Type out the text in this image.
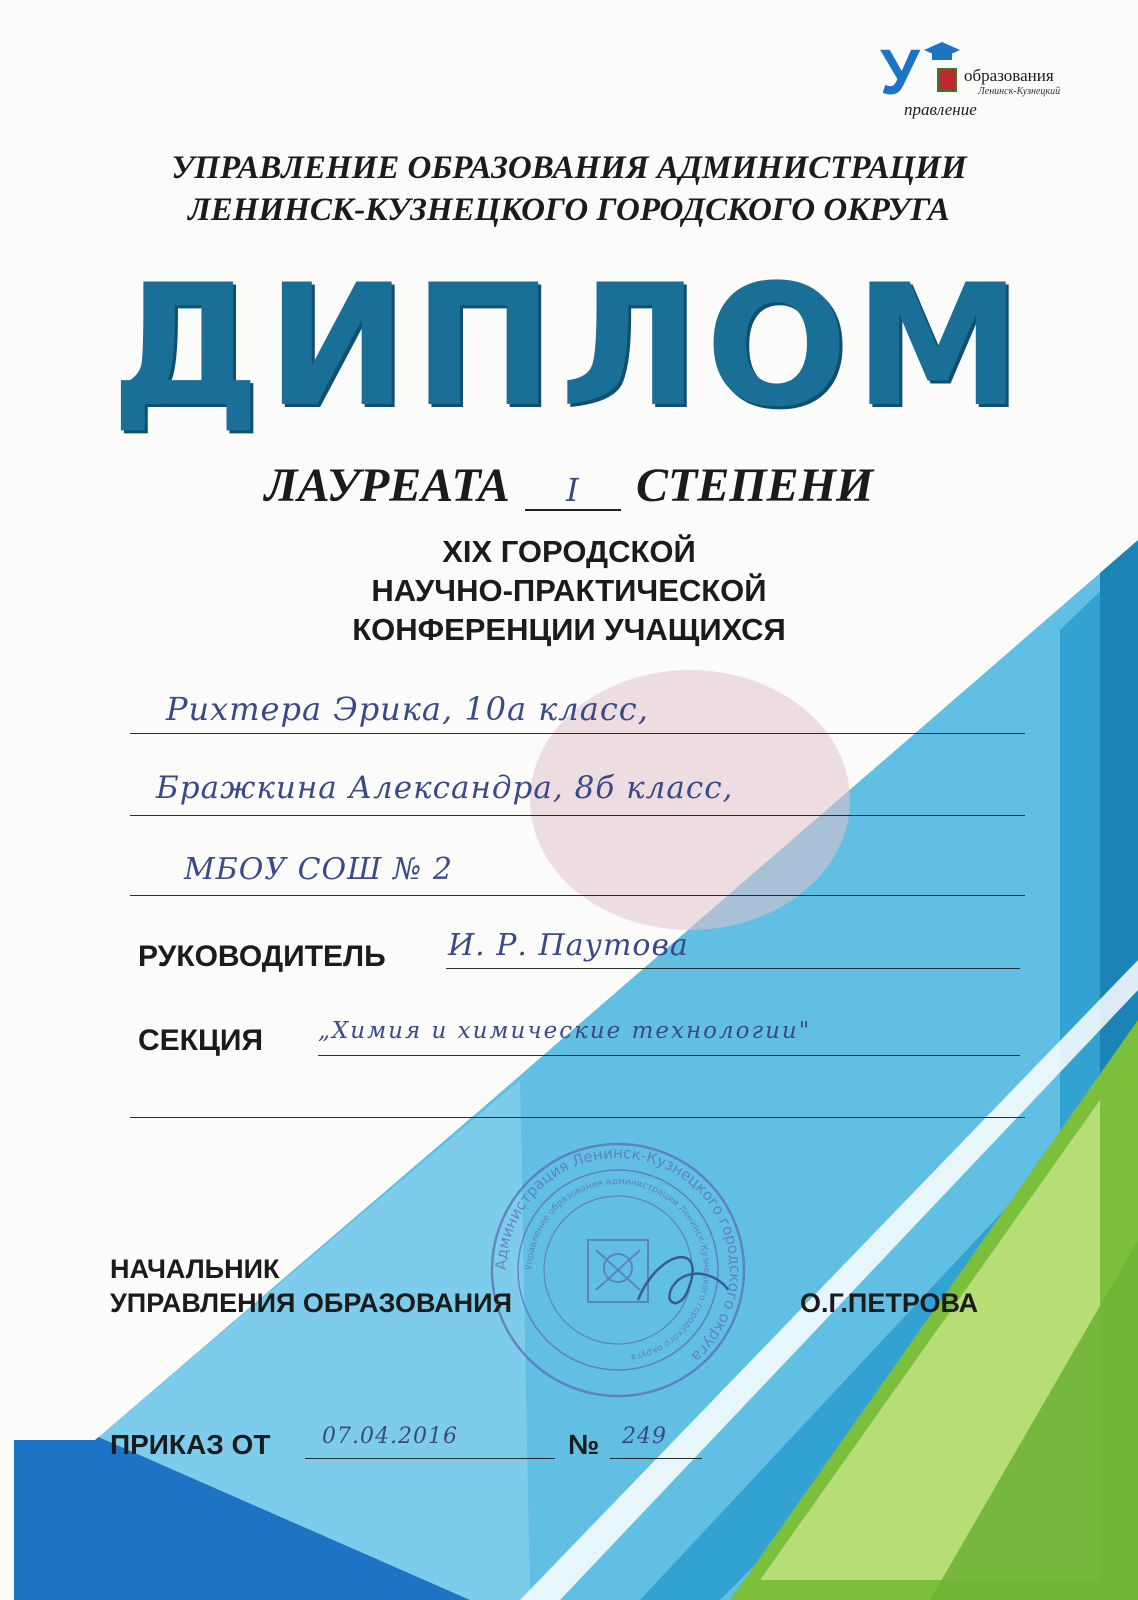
У	образования
Ленинск-Кузнецкий
правление
УПРАВЛЕНИЕ ОБРАЗОВАНИЯ АДМИНИСТРАЦИИ
ЛЕНИНСК-КУЗНЕЦКОГО ГОРОДСКОГО ОКРУГА
ДИПЛОМ
ЛАУРЕАТА I СТЕПЕНИ
XIX ГОРОДСКОЙ
НАУЧНО-ПРАКТИЧЕСКОЙ
КОНФЕРЕНЦИИ УЧАЩИХСЯ
Рихтера Эрика, 10а класс,
Бражкина Александра, 8б класс,
МБОУ СОШ № 2
РУКОВОДИТЕЛЬ И. Р. Паутова
СЕКЦИЯ „Химия и химические технологии"
Администрация Ленинск-Кузнецкого городского округа
Управление образования администрации Ленинск-Кузнецкого городского округа
НАЧАЛЬНИК
УПРАВЛЕНИЯ ОБРАЗОВАНИЯ	О.Г.ПЕТРОВА
ПРИКАЗ ОТ 07.04.2016	№ 249
